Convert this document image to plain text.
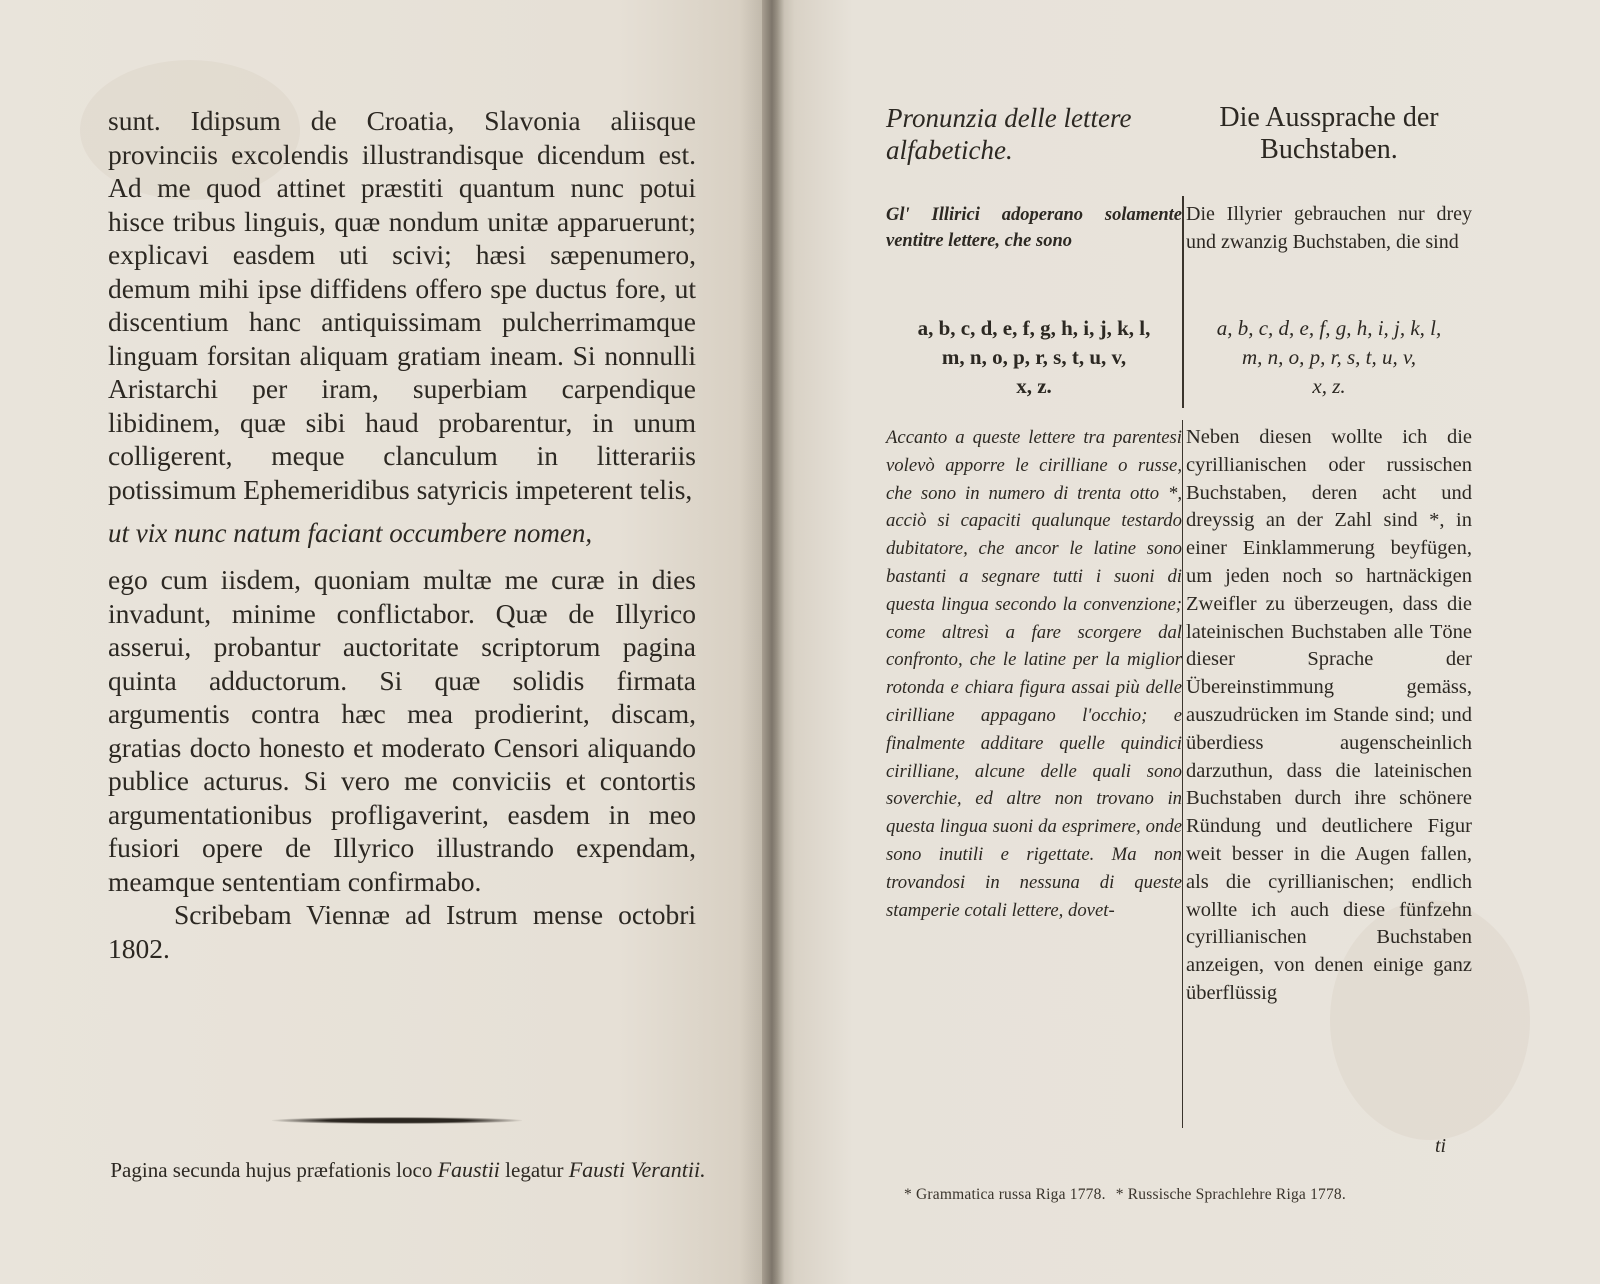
sunt. Idipsum de Croatia, Slavonia aliisque provinciis excolendis illustrandisque dicendum est. Ad me quod attinet præstiti quantum nunc potui hisce tribus linguis, quæ nondum unitæ apparuerunt; explicavi easdem uti scivi; hæsi sæpenumero, demum mihi ipse diffidens offero spe ductus fore, ut discentium hanc antiquissimam pulcherrimamque linguam forsitan aliquam gratiam ineam. Si nonnulli Aristarchi per iram, superbiam carpendique libidinem, quæ sibi haud probarentur, in unum colligerent, meque clanculum in litterariis potissimum Ephemeridibus satyricis impeterent telis,

ut vix nunc natum faciant occumbere nomen,

ego cum iisdem, quoniam multæ me curæ in dies invadunt, minime conflictabor. Quæ de Illyrico asserui, probantur auctoritate scriptorum pagina quinta adductorum. Si quæ solidis firmata argumentis contra hæc mea prodierint, discam, gratias docto honesto et moderato Censori aliquando publice acturus. Si vero me conviciis et contortis argumentationibus profligaverint, easdem in meo fusiori opere de Illyrico illustrando expendam, meamque sententiam confirmabo.

Scribebam Viennæ ad Istrum mense octobri 1802.

Pagina secunda hujus præfationis loco Faustii legatur Fausti Verantii.
Pronunzia delle lettere alfabetiche.
Die Aussprache der Buchstaben.
Gl' Illirici adoperano solamente ventitre lettere, che sono
Die Illyrier gebrauchen nur drey und zwanzig Buchstaben, die sind

a, b, c, d, e, f, g, h, i, j, k, l,

m, n, o, p, r, s, t, u, v,

x, z.

a, b, c, d, e, f, g, h, i, j, k, l,

m, n, o, p, r, s, t, u, v,

x, z.

Accanto a queste lettere tra parentesi volevò apporre le cirilliane o russe, che sono in numero di trenta otto *, acciò si capaciti qualunque testardo dubitatore, che ancor le latine sono bastanti a segnare tutti i suoni di questa lingua secondo la convenzione; come altresì a fare scorgere dal confronto, che le latine per la miglior rotonda e chiara figura assai più delle cirilliane appagano l'occhio; e finalmente additare quelle quindici cirilliane, alcune delle quali sono soverchie, ed altre non trovano in questa lingua suoni da esprimere, onde sono inutili e rigettate. Ma non trovandosi in nessuna di queste stamperie cotali lettere, dovet-
Neben diesen wollte ich die cyrillianischen oder russischen Buchstaben, deren acht und dreyssig an der Zahl sind *, in einer Einklammerung beyfügen, um jeden noch so hartnäckigen Zweifler zu überzeugen, dass die lateinischen Buchstaben alle Töne dieser Sprache der Übereinstimmung gemäss, auszudrücken im Stande sind; und überdiess augenscheinlich darzuthun, dass die lateinischen Buchstaben durch ihre schönere Ründung und deutlichere Figur weit besser in die Augen fallen, als die cyrillianischen; endlich wollte ich auch diese fünfzehn cyrillianischen Buchstaben anzeigen, von denen einige ganz überflüssig
ti
* Grammatica russa Riga 1778. * Russische Sprachlehre Riga 1778.
